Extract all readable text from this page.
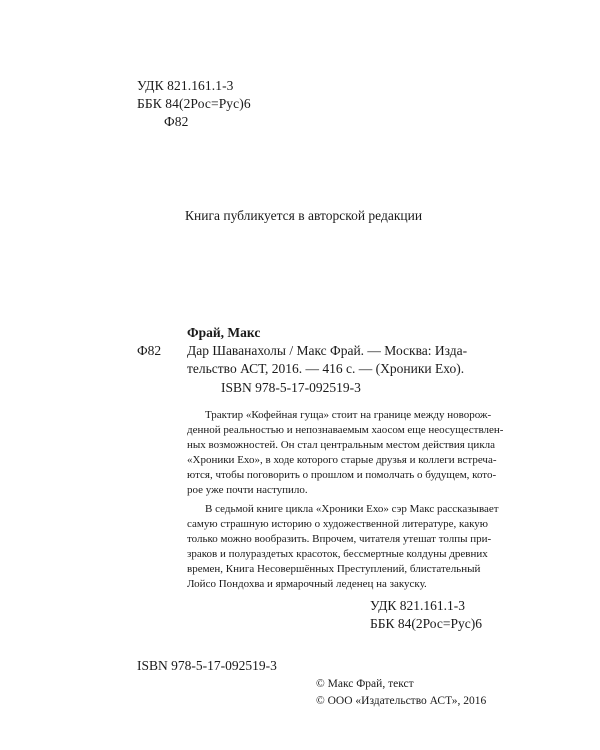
УДК 821.161.1-3

ББК 84(2Рос=Рус)6

Ф82

Книга публикуется в авторской редакции

Фрай, Макс

Ф82 Дар Шаванахолы / Макс Фрай. — Москва: Изда-

тельство АСТ, 2016. — 416 с. — (Хроники Ехо).

ISBN 978-5-17-092519-3

Трактир «Кофейная гуща» стоит на границе между новорож-

денной реальностью и непознаваемым хаосом еще неосуществлен-

ных возможностей. Он стал центральным местом действия цикла

«Хроники Ехо», в ходе которого старые друзья и коллеги встреча-

ются, чтобы поговорить о прошлом и помолчать о будущем, кото-

рое уже почти наступило.

В седьмой книге цикла «Хроники Ехо» сэр Макс рассказывает

самую страшную историю о художественной литературе, какую

только можно вообразить. Впрочем, читателя утешат толпы при-

зраков и полураздетых красоток, бессмертные колдуны древних

времен, Книга Несовершённых Преступлений, блистательный

Лойсо Пондохва и ярмарочный леденец на закуску.

УДК 821.161.1-3

ББК 84(2Рос=Рус)6

ISBN 978-5-17-092519-3

© Макс Фрай, текст

© ООО «Издательство АСТ», 2016
